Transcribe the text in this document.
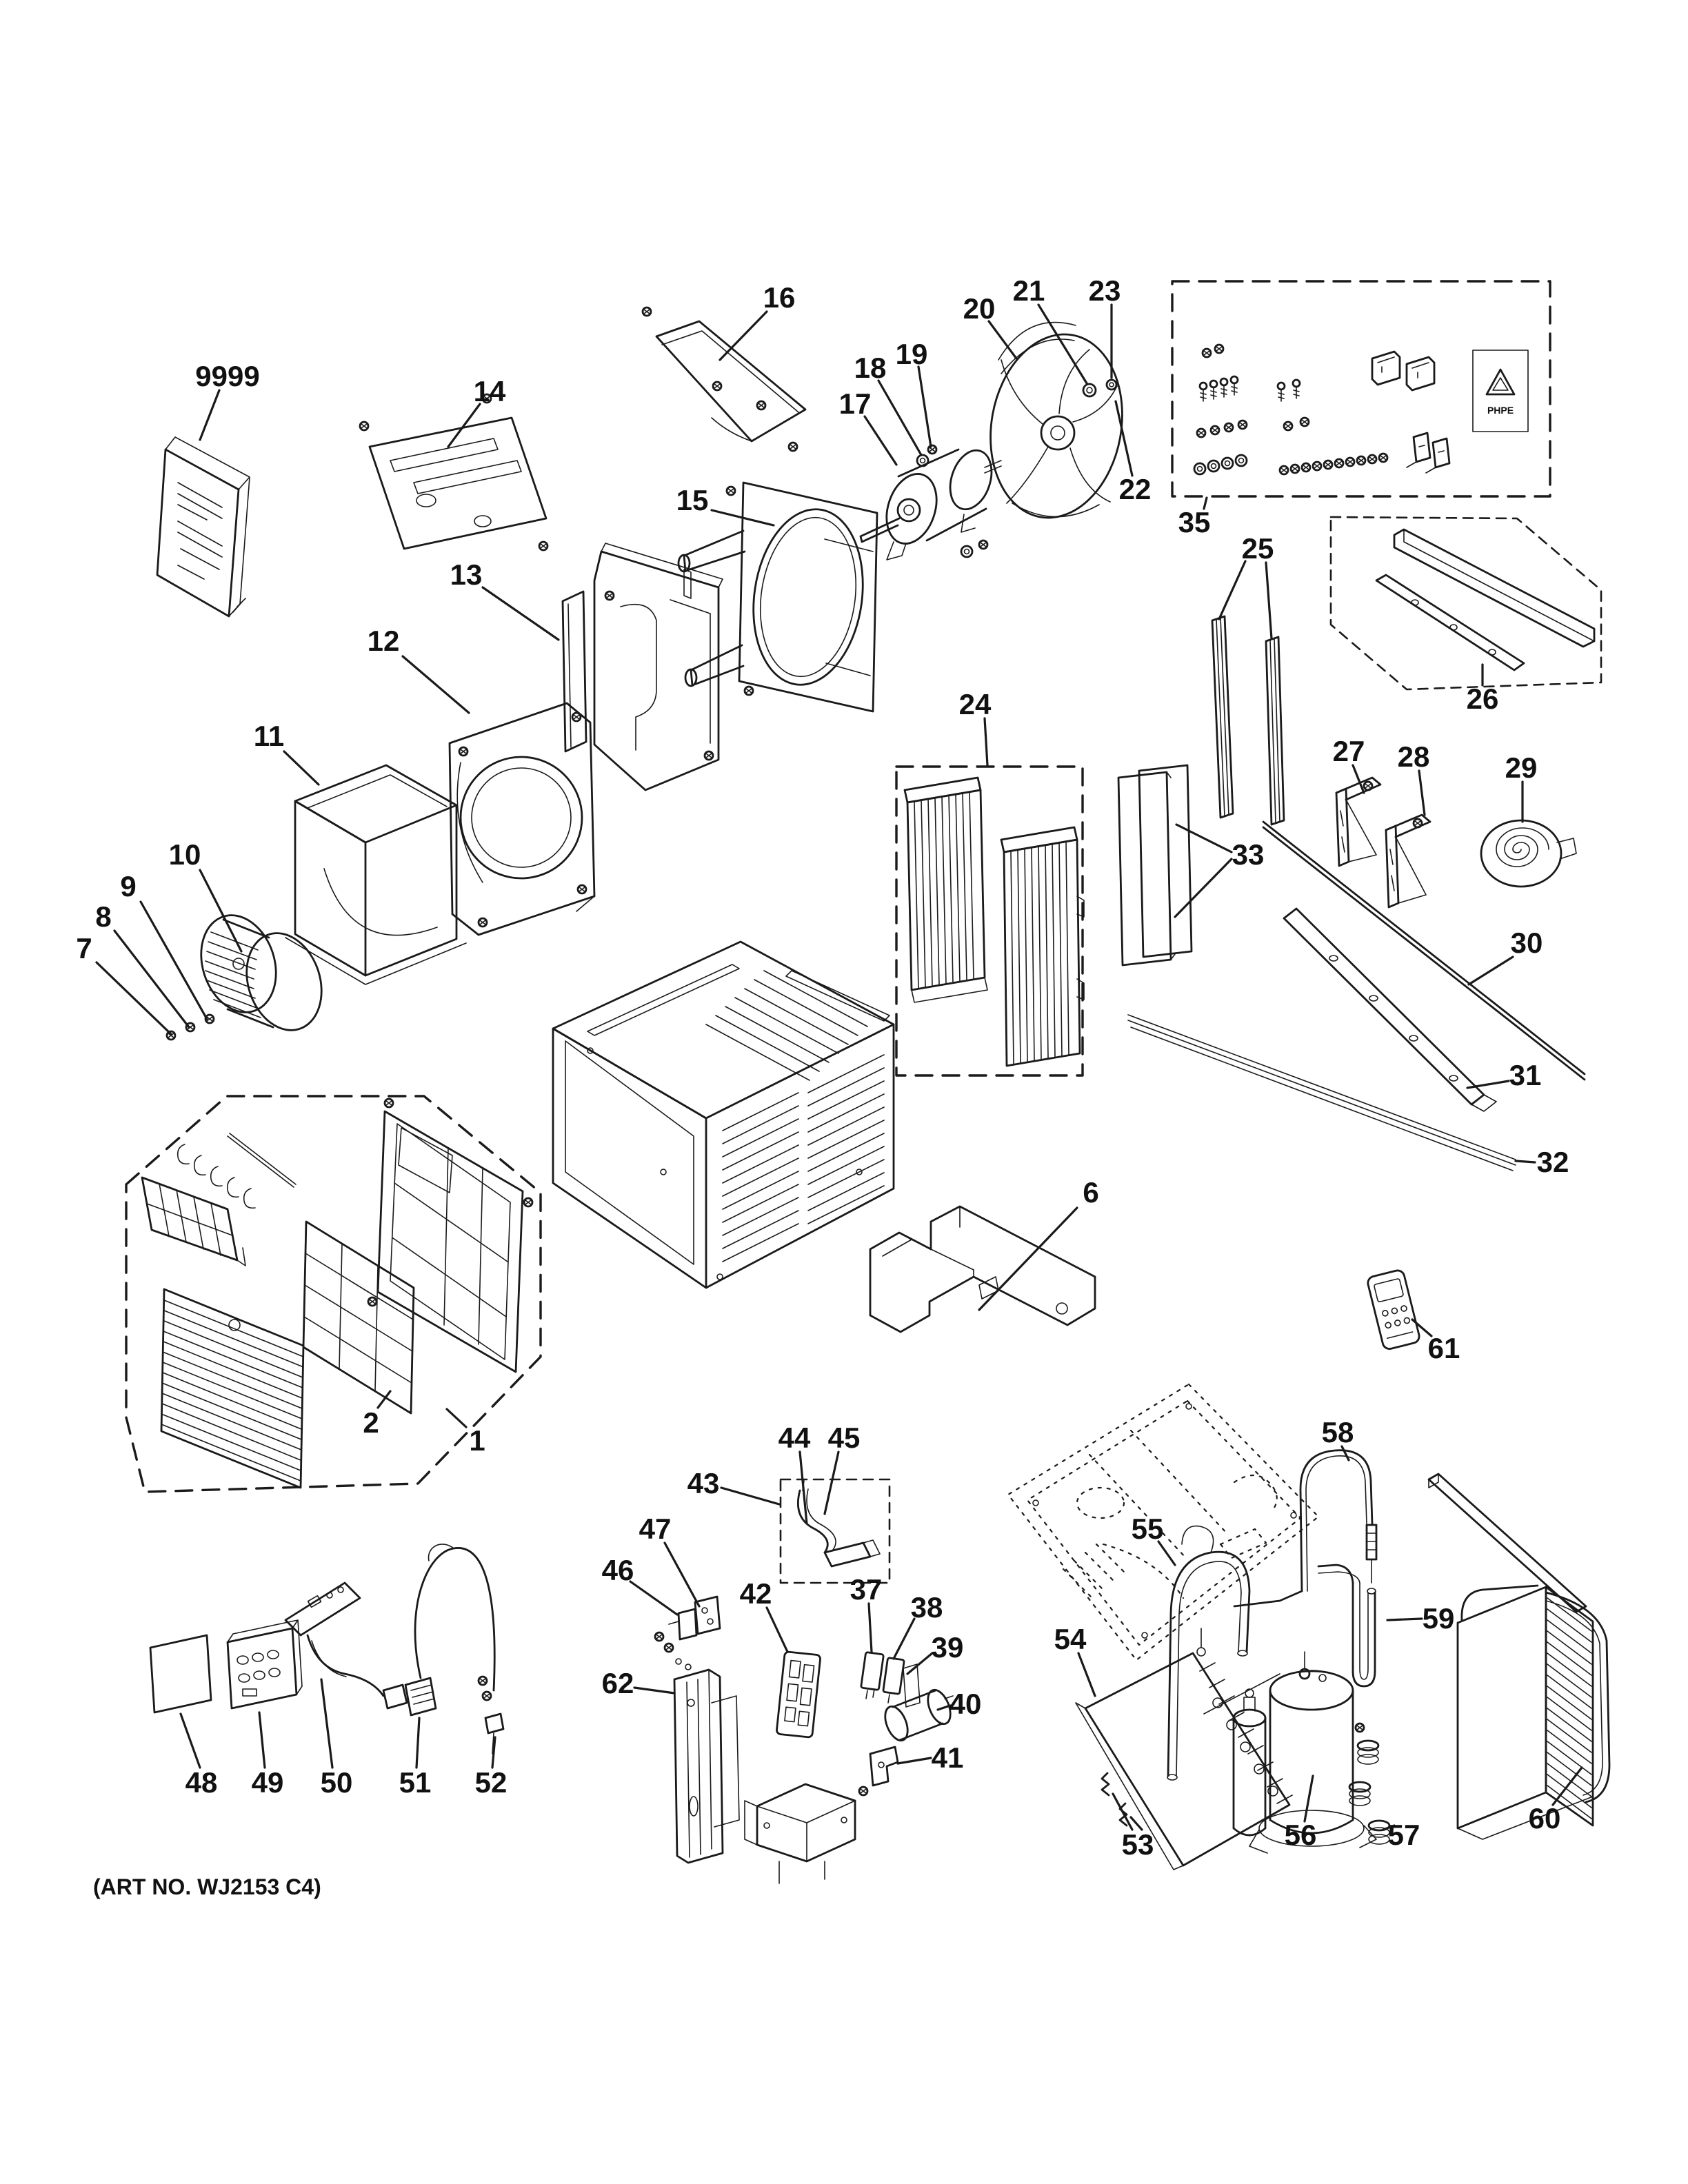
PHPE
9999	14
16
13
15
17
18 19
20
21 23
22
35
25
26
24
12
11
10
9
8
7
33
27 28	29
30
31
32
1
2
6
61
44 45
43
47
46
42	37
38
39
40
41
62
48 49 50 51 52
55
58
54
59
53	56 57
60
(ART NO. WJ2153 C4)
